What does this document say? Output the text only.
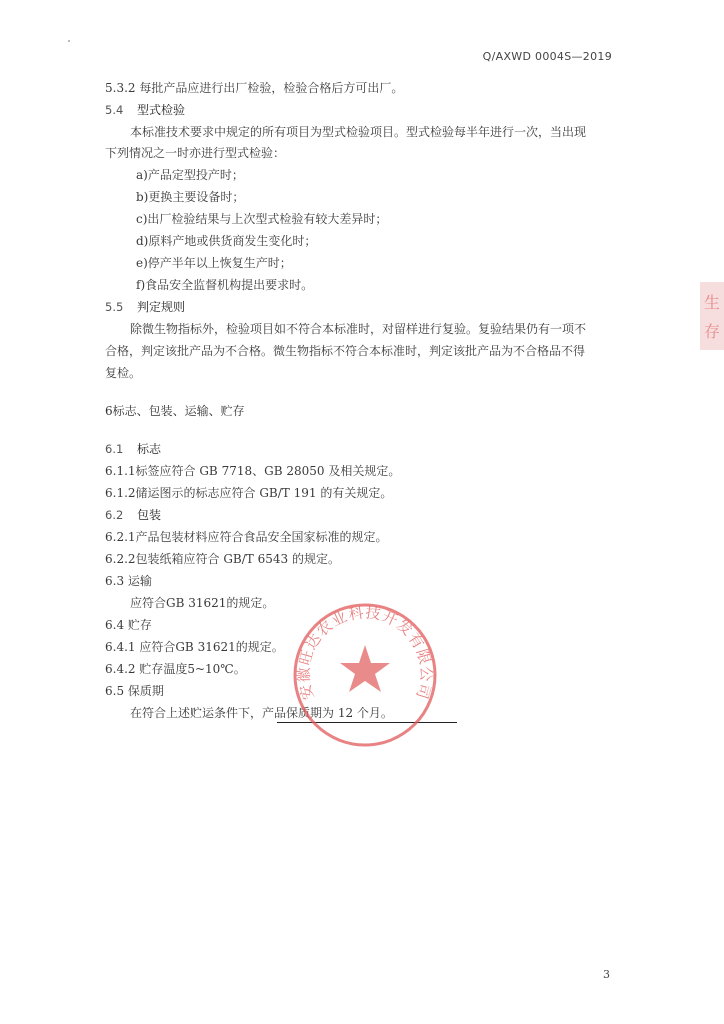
Q/AXWD 0004S—2019
5.3.2 每批产品应进行出厂检验，检验合格后方可出厂。
5.4 型式检验
本标准技术要求中规定的所有项目为型式检验项目。型式检验每半年进行一次，当出现
下列情况之一时亦进行型式检验：
a)产品定型投产时；
b)更换主要设备时；
c)出厂检验结果与上次型式检验有较大差异时；
d)原料产地或供货商发生变化时；
e)停产半年以上恢复生产时；
f)食品安全监督机构提出要求时。
5.5 判定规则
除微生物指标外，检验项目如不符合本标准时，对留样进行复验。复验结果仍有一项不
合格，判定该批产品为不合格。微生物指标不符合本标准时，判定该批产品为不合格品不得
复检。
6标志、包装、运输、贮存
6.1 标志
6.1.1标签应符合 GB 7718、GB 28050 及相关规定。
6.1.2储运图示的标志应符合 GB/T 191 的有关规定。
6.2 包装
6.2.1产品包装材料应符合食品安全国家标准的规定。
6.2.2包装纸箱应符合 GB/T 6543 的规定。
6.3 运输
应符合GB 31621的规定。
6.4 贮存
6.4.1 应符合GB 31621的规定。
6.4.2 贮存温度5~10℃。
6.5 保质期
在符合上述贮运条件下，产品保质期为 12 个月。
安徽旺达农业科技开发有限公司
生
存
3
